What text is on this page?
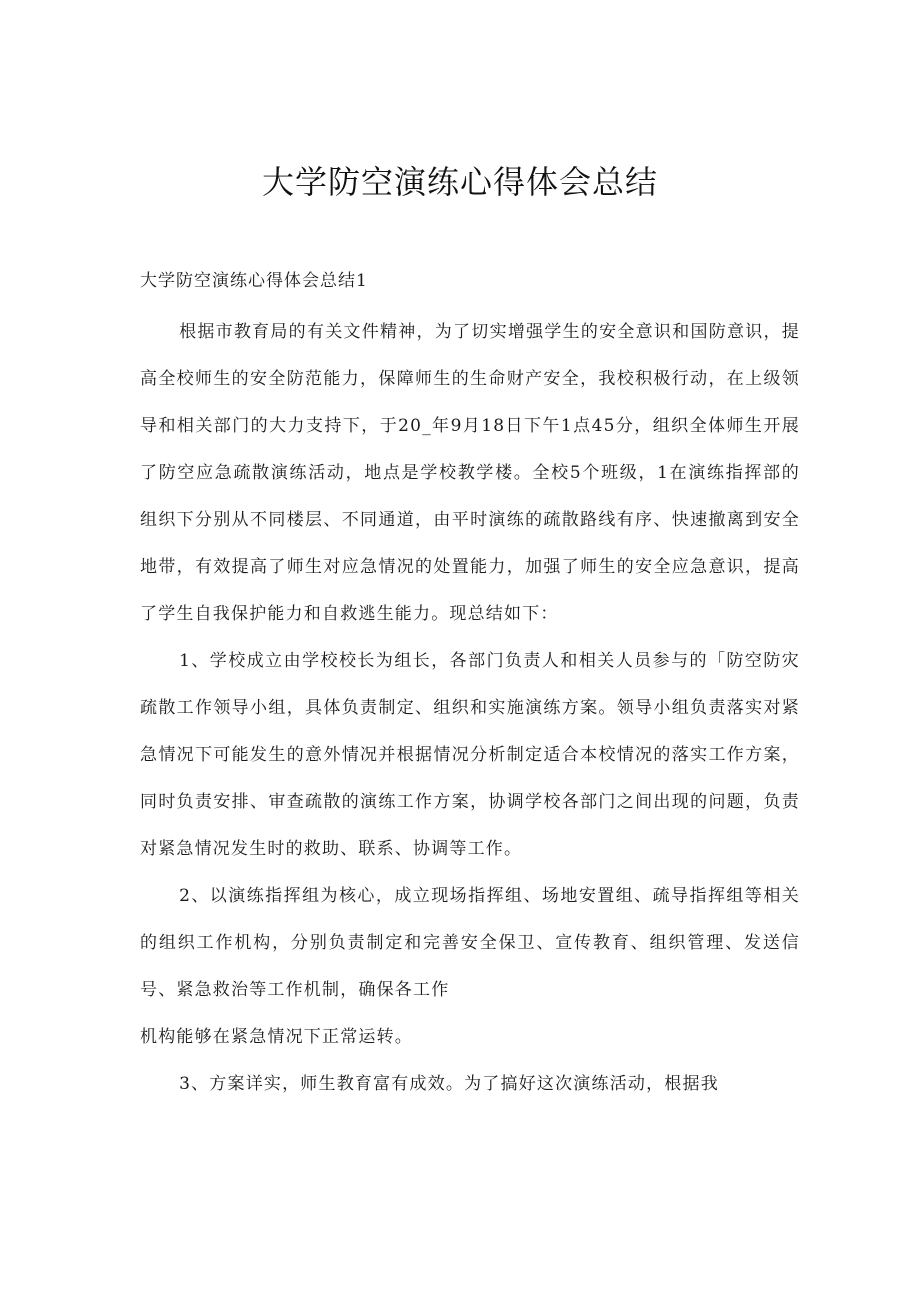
大学防空演练心得体会总结
大学防空演练心得体会总结1

根据市教育局的有关文件精神，为了切实增强学生的安全意识和国防意识，提高全校师生的安全防范能力，保障师生的生命财产安全，我校积极行动，在上级领导和相关部门的大力支持下，于20_年9月18日下午1点45分，组织全体师生开展了防空应急疏散演练活动，地点是学校教学楼。全校5个班级，1在演练指挥部的组织下分别从不同楼层、不同通道，由平时演练的疏散路线有序、快速撤离到安全地带，有效提高了师生对应急情况的处置能力，加强了师生的安全应急意识，提高了学生自我保护能力和自救逃生能力。现总结如下：

1、学校成立由学校校长为组长，各部门负责人和相关人员参与的「防空防灾疏散工作领导小组，具体负责制定、组织和实施演练方案。领导小组负责落实对紧急情况下可能发生的意外情况并根据情况分析制定适合本校情况的落实工作方案，同时负责安排、审查疏散的演练工作方案，协调学校各部门之间出现的问题，负责对紧急情况发生时的救助、联系、协调等工作。

2、以演练指挥组为核心，成立现场指挥组、场地安置组、疏导指挥组等相关的组织工作机构，分别负责制定和完善安全保卫、宣传教育、组织管理、发送信号、紧急救治等工作机制，确保各工作

机构能够在紧急情况下正常运转。

3、方案详实，师生教育富有成效。为了搞好这次演练活动，根据我
